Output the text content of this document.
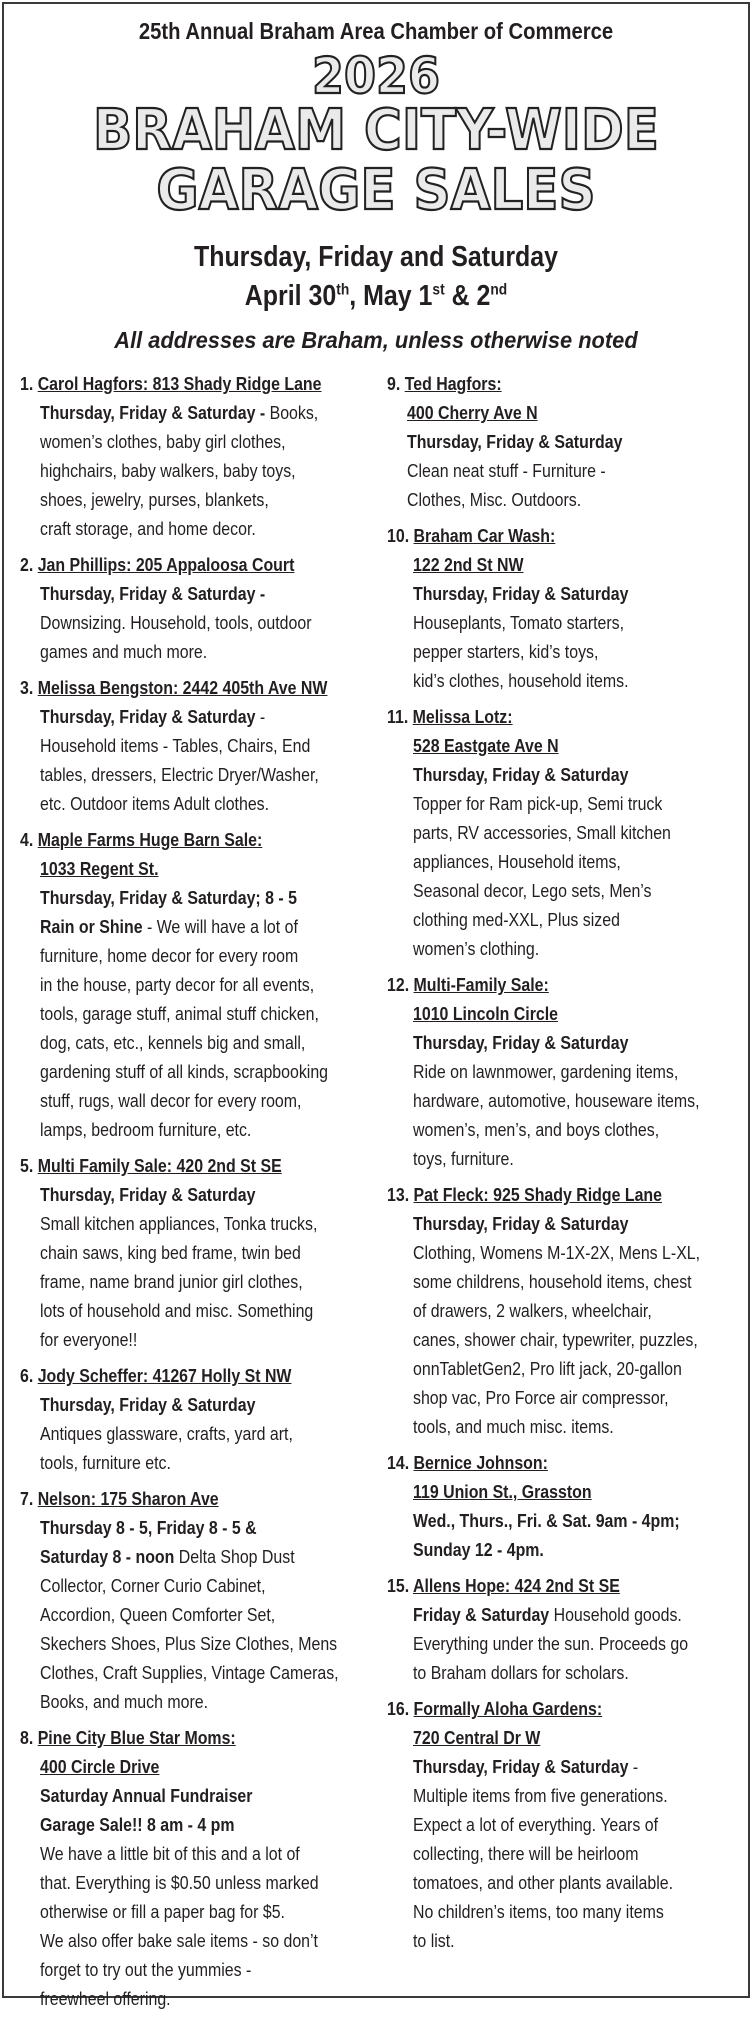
25th Annual Braham Area Chamber of Commerce
2026
BRAHAM CITY-WIDE
GARAGE SALES
Thursday, Friday and Saturday
April 30th, May 1st & 2nd
All addresses are Braham, unless otherwise noted
1. Carol Hagfors: 813 Shady Ridge Lane
Thursday, Friday & Saturday - Books,
women’s clothes, baby girl clothes,
highchairs, baby walkers, baby toys,
shoes, jewelry, purses, blankets,
craft storage, and home decor.
2. Jan Phillips: 205 Appaloosa Court
Thursday, Friday & Saturday -
Downsizing. Household, tools, outdoor
games and much more.
3. Melissa Bengston: 2442 405th Ave NW
Thursday, Friday & Saturday -
Household items - Tables, Chairs, End
tables, dressers, Electric Dryer/Washer,
etc. Outdoor items Adult clothes.
4. Maple Farms Huge Barn Sale:
1033 Regent St.
Thursday, Friday & Saturday; 8 - 5
Rain or Shine - We will have a lot of
furniture, home decor for every room
in the house, party decor for all events,
tools, garage stuff, animal stuff chicken,
dog, cats, etc., kennels big and small,
gardening stuff of all kinds, scrapbooking
stuff, rugs, wall decor for every room,
lamps, bedroom furniture, etc.
5. Multi Family Sale: 420 2nd St SE
Thursday, Friday & Saturday
Small kitchen appliances, Tonka trucks,
chain saws, king bed frame, twin bed
frame, name brand junior girl clothes,
lots of household and misc. Something
for everyone!!
6. Jody Scheffer: 41267 Holly St NW
Thursday, Friday & Saturday
Antiques glassware, crafts, yard art,
tools, furniture etc.
7. Nelson: 175 Sharon Ave
Thursday 8 - 5, Friday 8 - 5 &
Saturday 8 - noon Delta Shop Dust
Collector, Corner Curio Cabinet,
Accordion, Queen Comforter Set,
Skechers Shoes, Plus Size Clothes, Mens
Clothes, Craft Supplies, Vintage Cameras,
Books, and much more.
8. Pine City Blue Star Moms:
400 Circle Drive
Saturday Annual Fundraiser
Garage Sale!! 8 am - 4 pm
We have a little bit of this and a lot of
that. Everything is $0.50 unless marked
otherwise or fill a paper bag for $5.
We also offer bake sale items - so don’t
forget to try out the yummies -
freewheel offering.
9. Ted Hagfors:
400 Cherry Ave N
Thursday, Friday & Saturday
Clean neat stuff - Furniture -
Clothes, Misc. Outdoors.
10. Braham Car Wash:
122 2nd St NW
Thursday, Friday & Saturday
Houseplants, Tomato starters,
pepper starters, kid’s toys,
kid’s clothes, household items.
11. Melissa Lotz:
528 Eastgate Ave N
Thursday, Friday & Saturday
Topper for Ram pick-up, Semi truck
parts, RV accessories, Small kitchen
appliances, Household items,
Seasonal decor, Lego sets, Men’s
clothing med-XXL, Plus sized
women’s clothing.
12. Multi-Family Sale:
1010 Lincoln Circle
Thursday, Friday & Saturday
Ride on lawnmower, gardening items,
hardware, automotive, houseware items,
women’s, men’s, and boys clothes,
toys, furniture.
13. Pat Fleck: 925 Shady Ridge Lane
Thursday, Friday & Saturday
Clothing, Womens M-1X-2X, Mens L-XL,
some childrens, household items, chest
of drawers, 2 walkers, wheelchair,
canes, shower chair, typewriter, puzzles,
onnTabletGen2, Pro lift jack, 20-gallon
shop vac, Pro Force air compressor,
tools, and much misc. items.
14. Bernice Johnson:
119 Union St., Grasston
Wed., Thurs., Fri. & Sat. 9am - 4pm;
Sunday 12 - 4pm.
15. Allens Hope: 424 2nd St SE
Friday & Saturday Household goods.
Everything under the sun. Proceeds go
to Braham dollars for scholars.
16. Formally Aloha Gardens:
720 Central Dr W
Thursday, Friday & Saturday -
Multiple items from five generations.
Expect a lot of everything. Years of
collecting, there will be heirloom
tomatoes, and other plants available.
No children’s items, too many items
to list.
